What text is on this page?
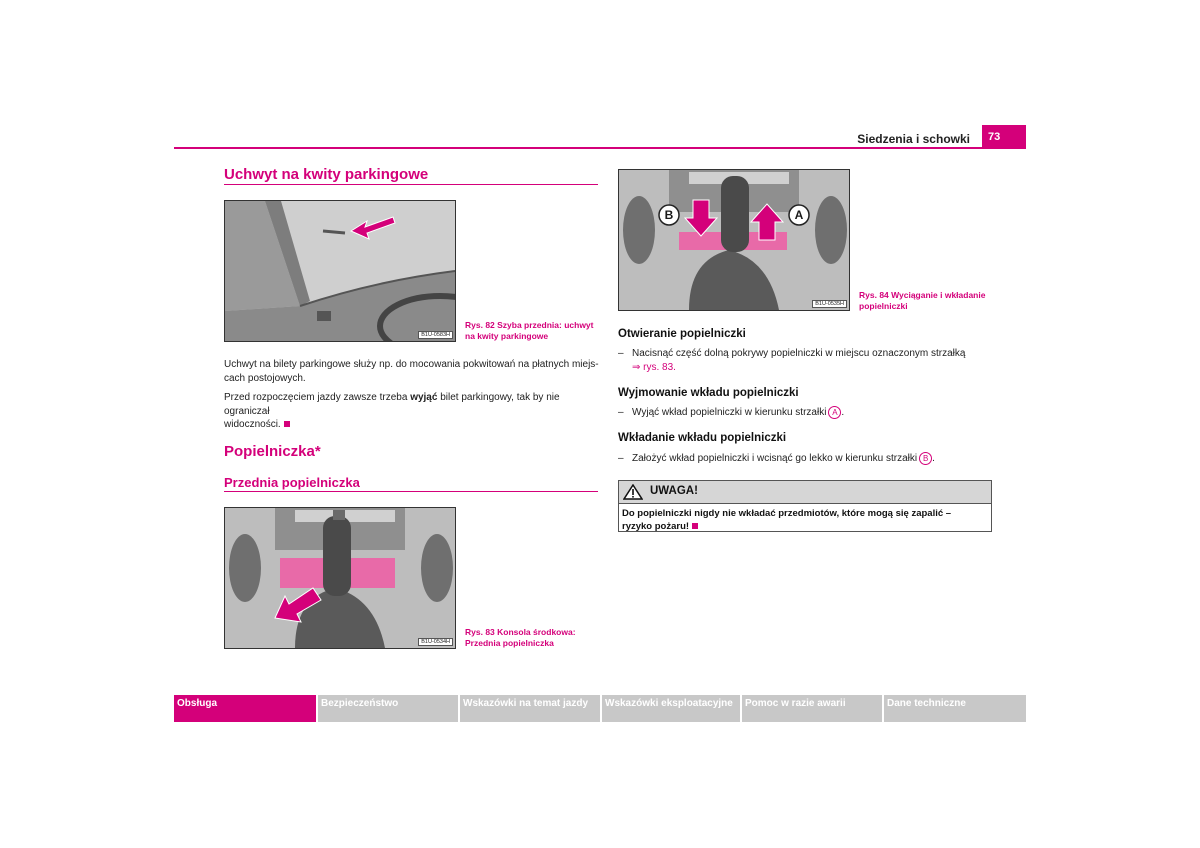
Siedzenia i schowki	73
Uchwyt na kwity parkingowe
B1U-0583H
Rys. 82 Szyba przednia: uchwyt
na kwity parkingowe
Uchwyt na bilety parkingowe służy np. do mocowania pokwitowań na płatnych miejs-
cach postojowych.
Przed rozpoczęciem jazdy zawsze trzeba wyjąć bilet parkingowy, tak by nie ograniczał
widoczności.
Popielniczka*
Przednia popielniczka
B1U-0534H
Rys. 83 Konsola środkowa:
Przednia popielniczka
B	A
B1U-0535H
Rys. 84 Wyciąganie i wkładanie
popielniczki
Otwieranie popielniczki
– Nacisnąć część dolną pokrywy popielniczki w miejscu oznaczonym strzałką
⇒ rys. 83.
Wyjmowanie wkładu popielniczki
– Wyjąć wkład popielniczki w kierunku strzałki A .
Wkładanie wkładu popielniczki
– Założyć wkład popielniczki i wcisnąć go lekko w kierunku strzałki B .
UWAGA!
Do popielniczki nigdy nie wkładać przedmiotów, które mogą się zapalić –
ryzyko pożaru!
Obsługa	Bezpieczeństwo	Wskazówki na temat jazdy	Wskazówki eksploatacyjne	Pomoc w razie awarii	Dane techniczne
